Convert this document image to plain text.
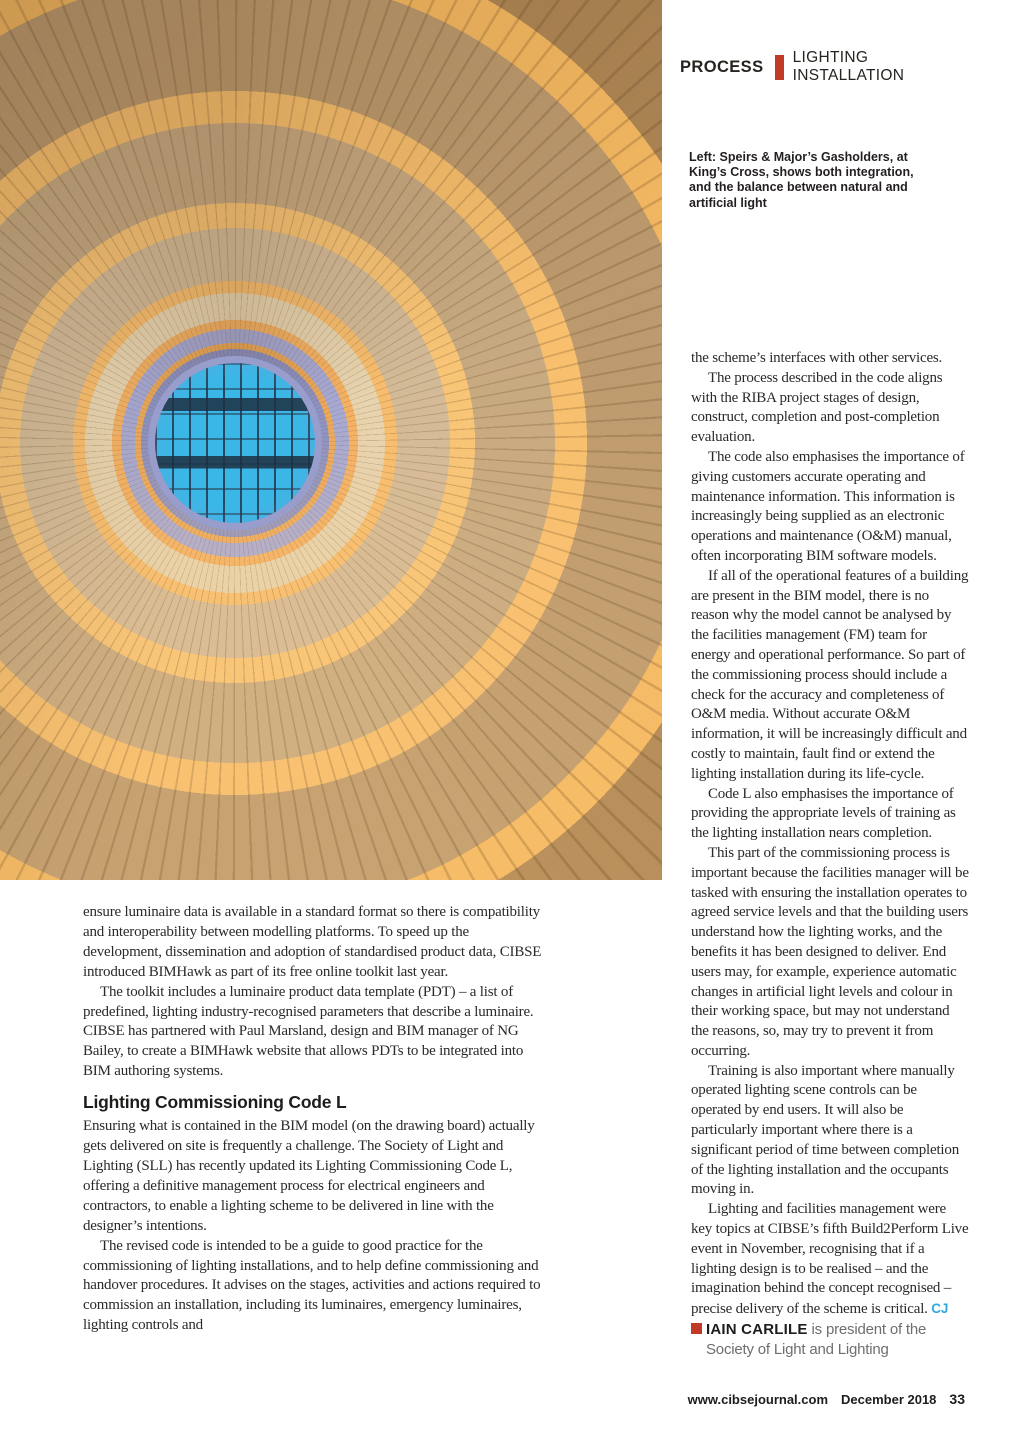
PROCESS LIGHTING INSTALLATION
Left: Speirs & Major’s Gasholders, at King’s Cross, shows both integration, and the balance between natural and artificial light

ensure luminaire data is available in a standard format so there is compatibility and interoperability between modelling platforms. To speed up the development, dissemination and adoption of standardised product data, CIBSE introduced BIMHawk as part of its free online toolkit last year.

The toolkit includes a luminaire product data template (PDT) – a list of predefined, lighting industry-recognised parameters that describe a luminaire. CIBSE has partnered with Paul Marsland, design and BIM manager of NG Bailey, to create a BIMHawk website that allows PDTs to be integrated into BIM authoring systems.

Lighting Commissioning Code L

Ensuring what is contained in the BIM model (on the drawing board) actually gets delivered on site is frequently a challenge. The Society of Light and Lighting (SLL) has recently updated its Lighting Commissioning Code L, offering a definitive management process for electrical engineers and contractors, to enable a lighting scheme to be delivered in line with the designer’s intentions.

The revised code is intended to be a guide to good practice for the commissioning of lighting installations, and to help define commissioning and handover procedures. It advises on the stages, activities and actions required to commission an installation, including its luminaires, emergency luminaires, lighting controls and

the scheme’s interfaces with other services.

The process described in the code aligns with the RIBA project stages of design, construct, completion and post-completion evaluation.

The code also emphasises the importance of giving customers accurate operating and maintenance information. This information is increasingly being supplied as an electronic operations and maintenance (O&M) manual, often incorporating BIM software models.

If all of the operational features of a building are present in the BIM model, there is no reason why the model cannot be analysed by the facilities management (FM) team for energy and operational performance. So part of the commissioning process should include a check for the accuracy and completeness of O&M media. Without accurate O&M information, it will be increasingly difficult and costly to maintain, fault find or extend the lighting installation during its life-cycle.

Code L also emphasises the importance of providing the appropriate levels of training as the lighting installation nears completion.

This part of the commissioning process is important because the facilities manager will be tasked with ensuring the installation operates to agreed service levels and that the building users understand how the lighting works, and the benefits it has been designed to deliver. End users may, for example, experience automatic changes in artificial light levels and colour in their working space, but may not understand the reasons, so, may try to prevent it from occurring.

Training is also important where manually operated lighting scene controls can be operated by end users. It will also be particularly important where there is a significant period of time between completion of the lighting installation and the occupants moving in.

Lighting and facilities management were key topics at CIBSE’s fifth Build2Perform Live event in November, recognising that if a lighting design is to be realised – and the imagination behind the concept recognised – precise delivery of the scheme is critical. CJ

IAIN CARLILE is president of the Society of Light and Lighting

www.cibsejournal.com December 2018 33
